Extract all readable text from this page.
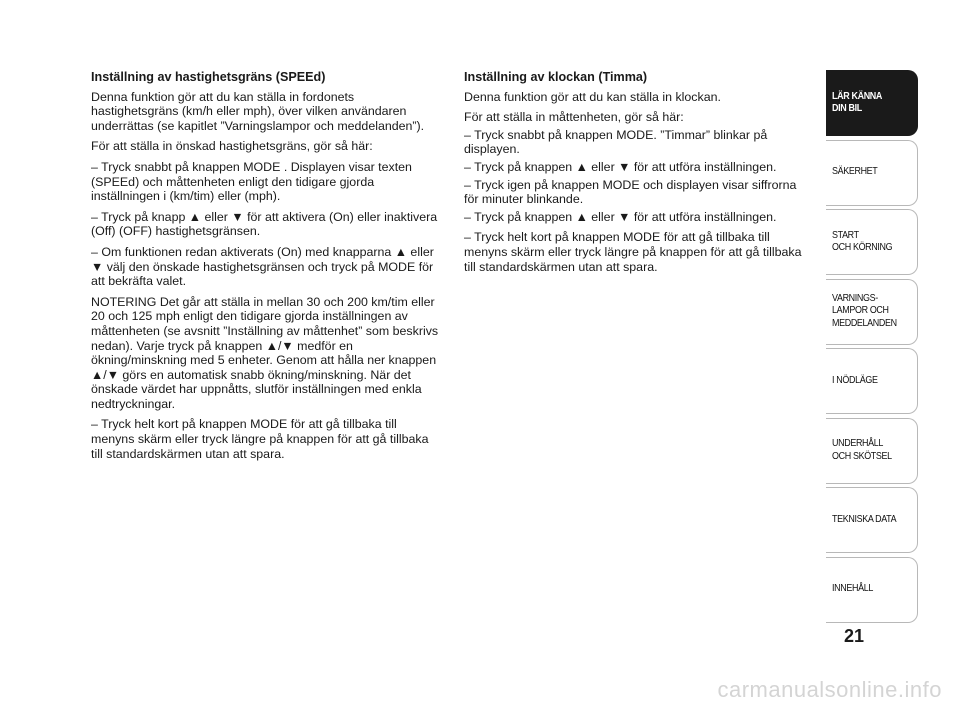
Inställning av hastighetsgräns (SPEEd)

Denna funktion gör att du kan ställa in fordonets hastighetsgräns (km/h eller mph), över vilken användaren underrättas (se kapitlet ”Varningslampor och meddelanden”).

För att ställa in önskad hastighetsgräns, gör så här:

– Tryck snabbt på knappen MODE . Displayen visar texten (SPEEd) och måttenheten enligt den tidigare gjorda inställningen i (km/tim) eller (mph).

– Tryck på knapp ▲ eller ▼ för att aktivera (On) eller inaktivera (Off) (OFF) hastighetsgränsen.

– Om funktionen redan aktiverats (On) med knapparna ▲ eller ▼ välj den önskade hastighetsgränsen och tryck på MODE för att bekräfta valet.

NOTERING Det går att ställa in mellan 30 och 200 km/tim eller 20 och 125 mph enligt den tidigare gjorda inställningen av måttenheten (se avsnitt ”Inställning av måttenhet” som beskrivs nedan). Varje tryck på knappen ▲/▼ medför en ökning/minskning med 5 enheter. Genom att hålla ner knappen ▲/▼ görs en automatisk snabb ökning/minskning. När det önskade värdet har uppnåtts, slutför inställningen med enkla nedtryckningar.

– Tryck helt kort på knappen MODE för att gå tillbaka till menyns skärm eller tryck längre på knappen för att gå tillbaka till standardskärmen utan att spara.

Inställning av klockan (Timma)

Denna funktion gör att du kan ställa in klockan.

För att ställa in måttenheten, gör så här:

– Tryck snabbt på knappen MODE. ”Timmar” blinkar på displayen.

– Tryck på knappen ▲ eller ▼ för att utföra inställningen.

– Tryck igen på knappen MODE och displayen visar siffrorna för minuter blinkande.

– Tryck på knappen ▲ eller ▼ för att utföra inställningen.

– Tryck helt kort på knappen MODE för att gå tillbaka till menyns skärm eller tryck längre på knappen för att gå tillbaka till standardskärmen utan att spara.

LÄR KÄNNA
DIN BIL
SÄKERHET
START
OCH KÖRNING
VARNINGS-
LAMPOR OCH
MEDDELANDEN
I NÖDLÄGE
UNDERHÅLL
OCH SKÖTSEL
TEKNISKA DATA
INNEHÅLL
21
carmanualsonline.info
